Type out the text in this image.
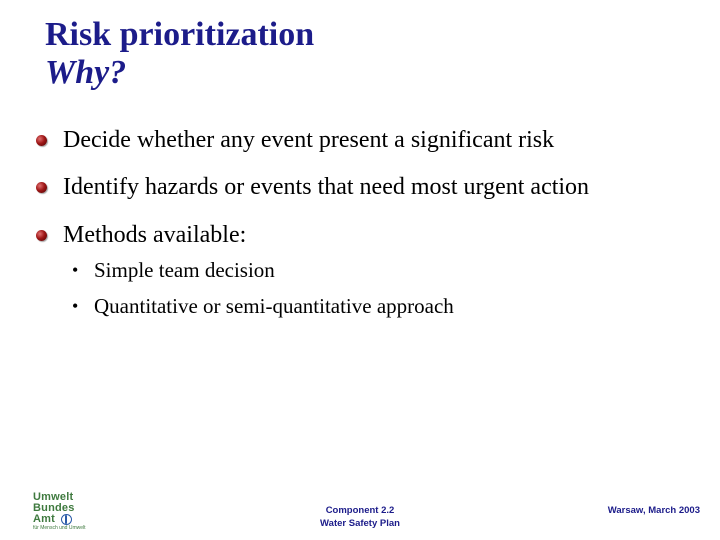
Risk prioritization
Why?
Decide whether any event present a significant risk
Identify hazards or events that need most urgent action
Methods available:
• Simple team decision
• Quantitative or semi-quantitative approach
Umwelt
Bundes
Amt
für Mensch und Umwelt
Component 2.2
Water Safety Plan
Warsaw, March 2003
